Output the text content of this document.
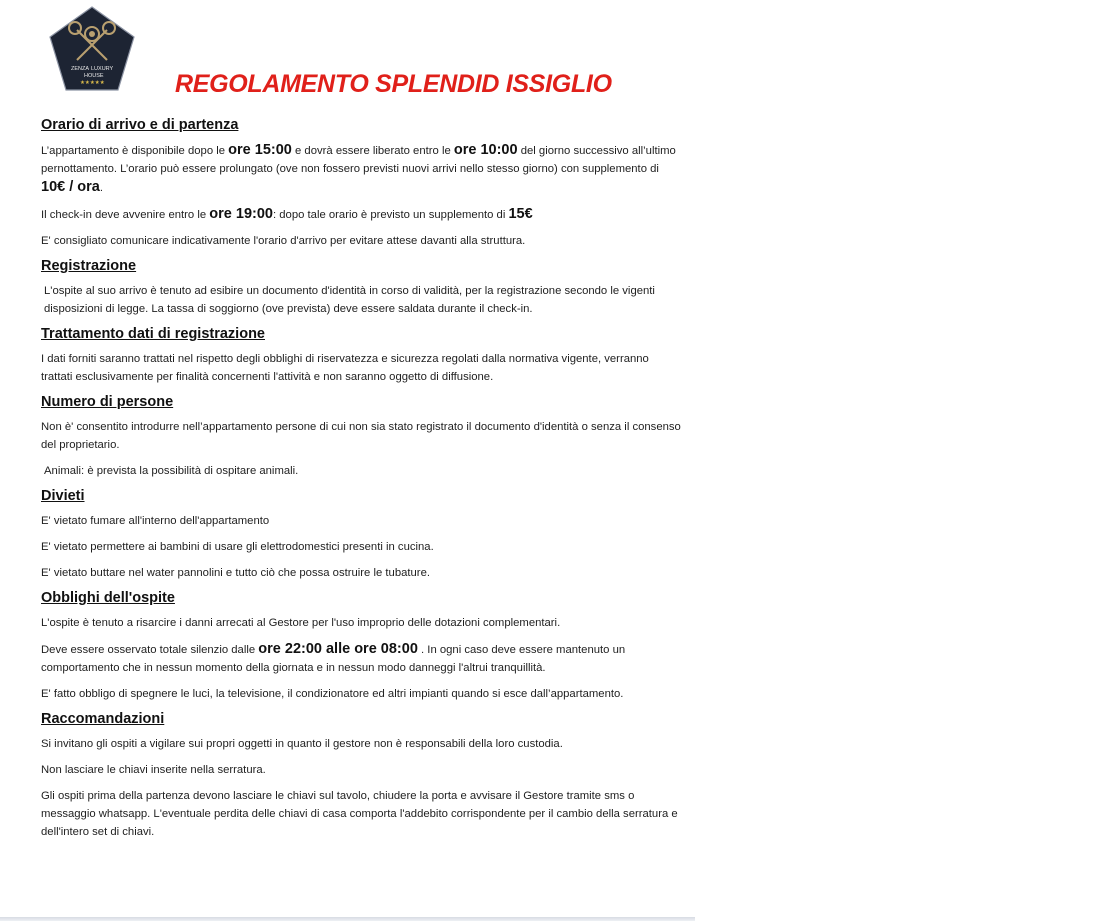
ZENZA LUXURY
HOUSE
★★★★★	REGOLAMENTO SPLENDID ISSIGLIO
Orario di arrivo e di partenza

L’appartamento è disponibile dopo le ore 15:00 e dovrà essere liberato entro le ore 10:00 del giorno successivo all’ultimo pernottamento. L’orario può essere prolungato (ove non fossero previsti nuovi arrivi nello stesso giorno) con supplemento di 10€ / ora.

Il check-in deve avvenire entro le ore 19:00: dopo tale orario è previsto un supplemento di 15€

E' consigliato comunicare indicativamente l'orario d'arrivo per evitare attese davanti alla struttura.

Registrazione

L'ospite al suo arrivo è tenuto ad esibire un documento d'identità in corso di validità, per la registrazione secondo le vigenti disposizioni di legge. La tassa di soggiorno (ove prevista) deve essere saldata durante il check-in.

Trattamento dati di registrazione

I dati forniti saranno trattati nel rispetto degli obblighi di riservatezza e sicurezza regolati dalla normativa vigente, verranno trattati esclusivamente per finalità concernenti l'attività e non saranno oggetto di diffusione.

Numero di persone

Non è' consentito introdurre nell’appartamento persone di cui non sia stato registrato il documento d'identità o senza il consenso del proprietario.

Animali: è prevista la possibilità di ospitare animali.

Divieti

E' vietato fumare all'interno dell'appartamento

E' vietato permettere ai bambini di usare gli elettrodomestici presenti in cucina.

E' vietato buttare nel water pannolini e tutto ciò che possa ostruire le tubature.

Obblighi dell'ospite

L'ospite è tenuto a risarcire i danni arrecati al Gestore per l'uso improprio delle dotazioni complementari.

Deve essere osservato totale silenzio dalle ore 22:00 alle ore 08:00 . In ogni caso deve essere mantenuto un comportamento che in nessun momento della giornata e in nessun modo danneggi l'altrui tranquillità.

E' fatto obbligo di spegnere le luci, la televisione, il condizionatore ed altri impianti quando si esce dall’appartamento.

Raccomandazioni

Si invitano gli ospiti a vigilare sui propri oggetti in quanto il gestore non è responsabili della loro custodia.

Non lasciare le chiavi inserite nella serratura.

Gli ospiti prima della partenza devono lasciare le chiavi sul tavolo, chiudere la porta e avvisare il Gestore tramite sms o messaggio whatsapp. L'eventuale perdita delle chiavi di casa comporta l'addebito corrispondente per il cambio della serratura e dell'intero set di chiavi.
